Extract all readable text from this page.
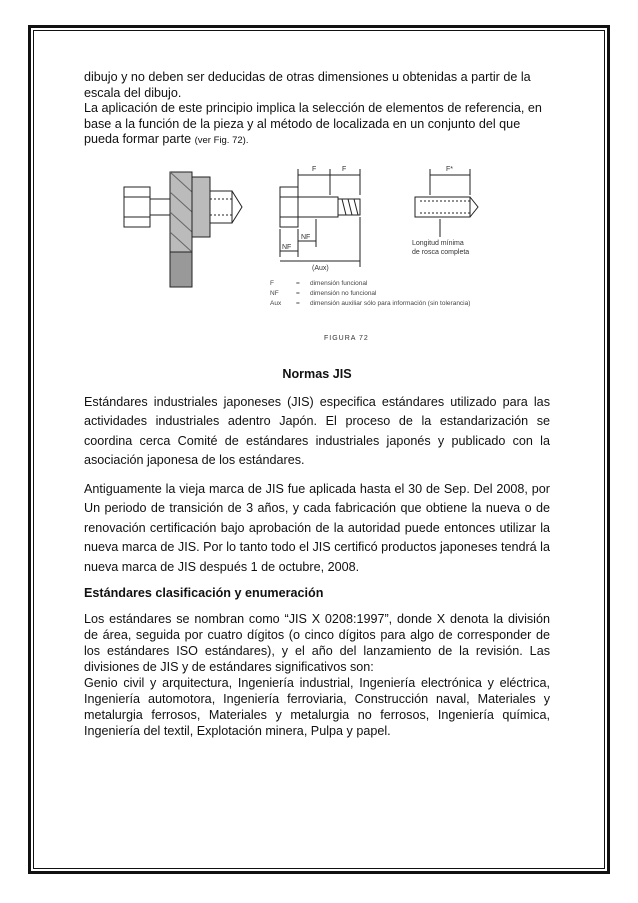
dibujo y no deben ser deducidas de otras dimensiones u obtenidas a partir de la escala del dibujo.

La aplicación de este principio implica la selección de elementos de referencia, en base a la función de la pieza y al método de localizada en un conjunto del que pueda formar parte (ver Fig. 72).

F	F	F*
NF
NF
(Aux)
Longitud mínima
de rosca completa
F	= dimensión funcional
NF	= dimensión no funcional
Aux = dimensión auxiliar sólo para información (sin tolerancia)
FIGURA 72
Normas JIS

Estándares industriales japoneses (JIS) especifica estándares utilizado para las actividades industriales adentro Japón. El proceso de la estandarización se coordina cerca Comité de estándares industriales japonés y publicado con la asociación japonesa de los estándares.

Antiguamente la vieja marca de JIS fue aplicada hasta el 30 de Sep. Del 2008, por Un periodo de transición de 3 años, y cada fabricación que obtiene la nueva o de renovación certificación bajo aprobación de la autoridad puede entonces utilizar la nueva marca de JIS. Por lo tanto todo el JIS certificó productos japoneses tendrá la nueva marca de JIS después 1 de octubre, 2008.

Estándares clasificación y enumeración

Los estándares se nombran como “JIS X 0208:1997”, donde X denota la división de área, seguida por cuatro dígitos (o cinco dígitos para algo de corresponder de los estándares ISO estándares), y el año del lanzamiento de la revisión. Las divisiones de JIS y de estándares significativos son:

Genio civil y arquitectura, Ingeniería industrial, Ingeniería electrónica y eléctrica, Ingeniería automotora, Ingeniería ferroviaria, Construcción naval, Materiales y metalurgia ferrosos, Materiales y metalurgia no ferrosos, Ingeniería química, Ingeniería del textil, Explotación minera, Pulpa y papel.
